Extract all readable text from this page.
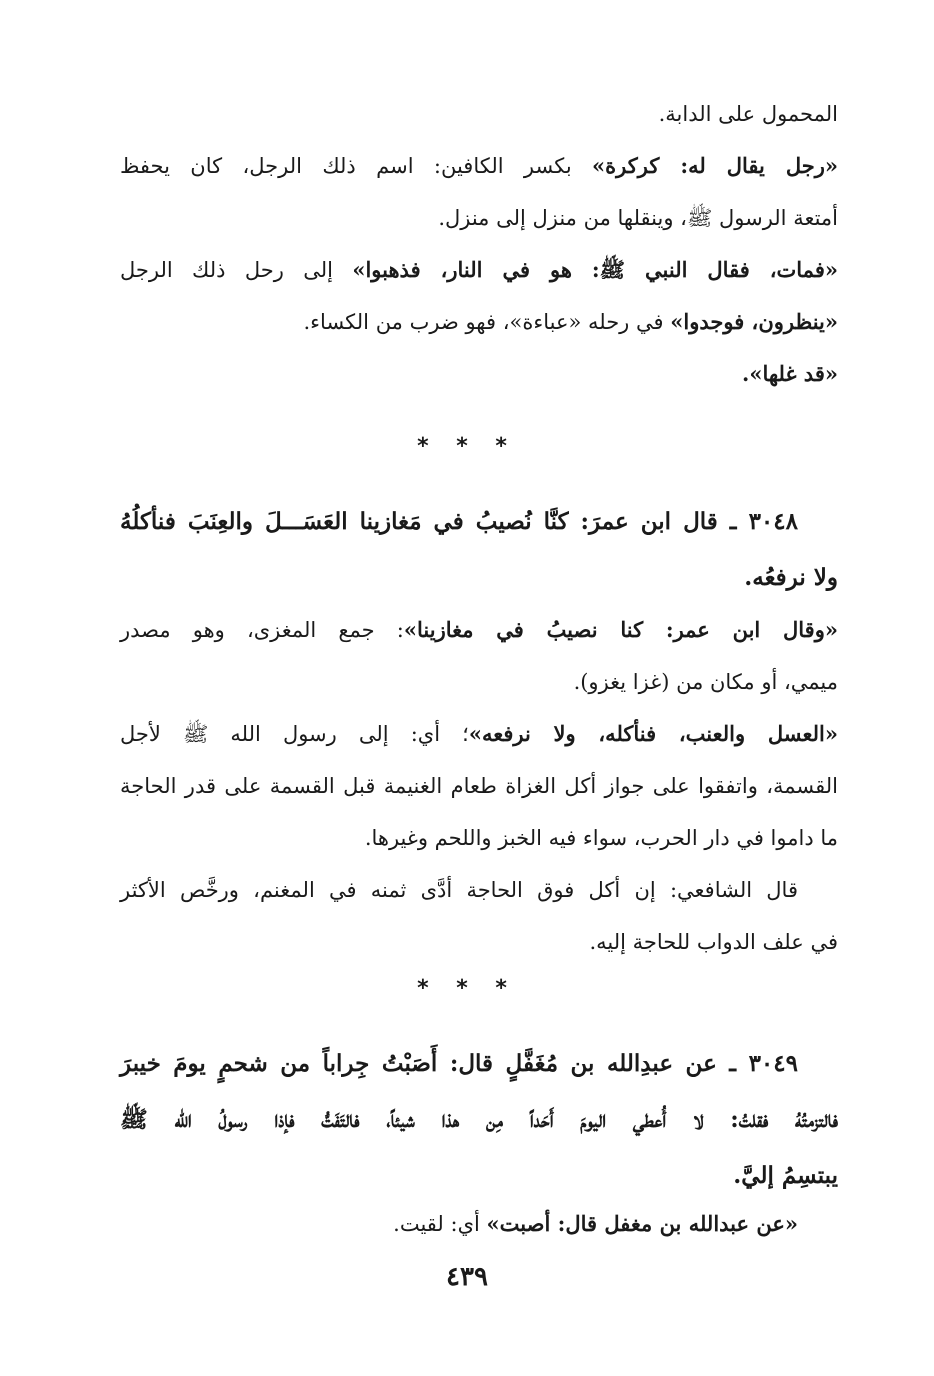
المحمول على الدابة.
«رجل يقال له: كركرة» بكسر الكافين: اسم ذلك الرجل، كان يحفظ
أمتعة الرسول ﷺ، وينقلها من منزل إلى منزل.
«فمات، فقال النبي ﷺ: هو في النار، فذهبوا» إلى رحل ذلك الرجل
«ينظرون، فوجدوا» في رحله «عباءة»، فهو ضرب من الكساء.
«قد غلها».
* * *
٣٠٤٨ ـ قال ابن عمرَ: كنَّا نُصيبُ في مَغازينا العَسَـــلَ والعِنَبَ فنأكلُهُ
ولا نرفعُه.
«وقال ابن عمر: كنا نصيبُ في مغازينا»: جمع المغزى، وهو مصدر
ميمي، أو مكان من (غزا يغزو).
«العسل والعنب، فنأكله، ولا نرفعه»؛ أي: إلى رسول الله ﷺ لأجل
القسمة، واتفقوا على جواز أكل الغزاة طعام الغنيمة قبل القسمة على قدر الحاجة
ما داموا في دار الحرب، سواء فيه الخبز واللحم وغيرها.
قال الشافعي: إن أكل فوق الحاجة أدَّى ثمنه في المغنم، ورخَّص الأكثر
في علف الدواب للحاجة إليه.
* * *
٣٠٤٩ ـ عن عبدِالله بن مُغَفَّلٍ قال: أَصَبْتُ جِراباً من شحمٍ يومَ خيبرَ
فالتزمتُهُ فقلتُ: لا أُعطي اليومَ أَحَداً مِن هذا شيئاً، فالتَفَتُّ فإذا رسولُ الله ﷺ
يبتسِمُ إليَّ.
«عن عبدالله بن مغفل قال: أصبت» أي: لقيت.
٤٣٩
